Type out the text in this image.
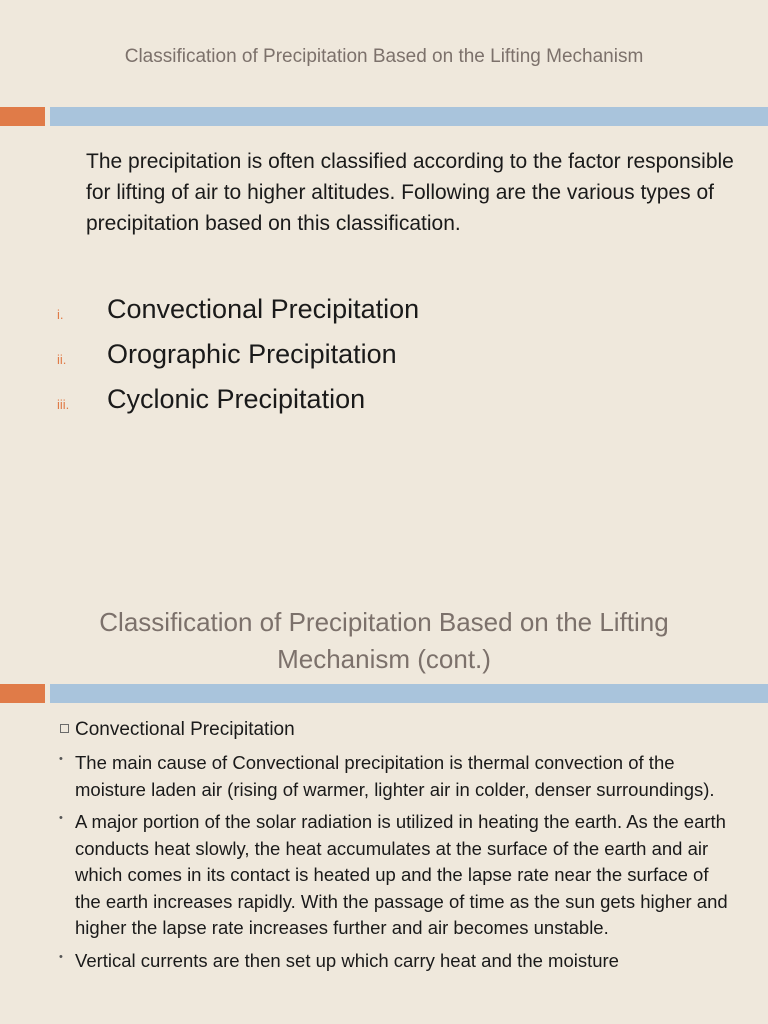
Classification of Precipitation Based on the Lifting Mechanism
The precipitation is often classified according to the factor responsible for lifting of air to higher altitudes. Following are the various types of precipitation based on this classification.
i. Convectional Precipitation
ii. Orographic Precipitation
iii. Cyclonic Precipitation
Classification of Precipitation Based on the Lifting
Mechanism (cont.)
Convectional Precipitation
• The main cause of Convectional precipitation is thermal convection of the moisture laden air (rising of warmer, lighter air in colder, denser surroundings).
• A major portion of the solar radiation is utilized in heating the earth. As the earth conducts heat slowly, the heat accumulates at the surface of the earth and air which comes in its contact is heated up and the lapse rate near the surface of the earth increases rapidly. With the passage of time as the sun gets higher and higher the lapse rate increases further and air becomes unstable.
• Vertical currents are then set up which carry heat and the moisture
